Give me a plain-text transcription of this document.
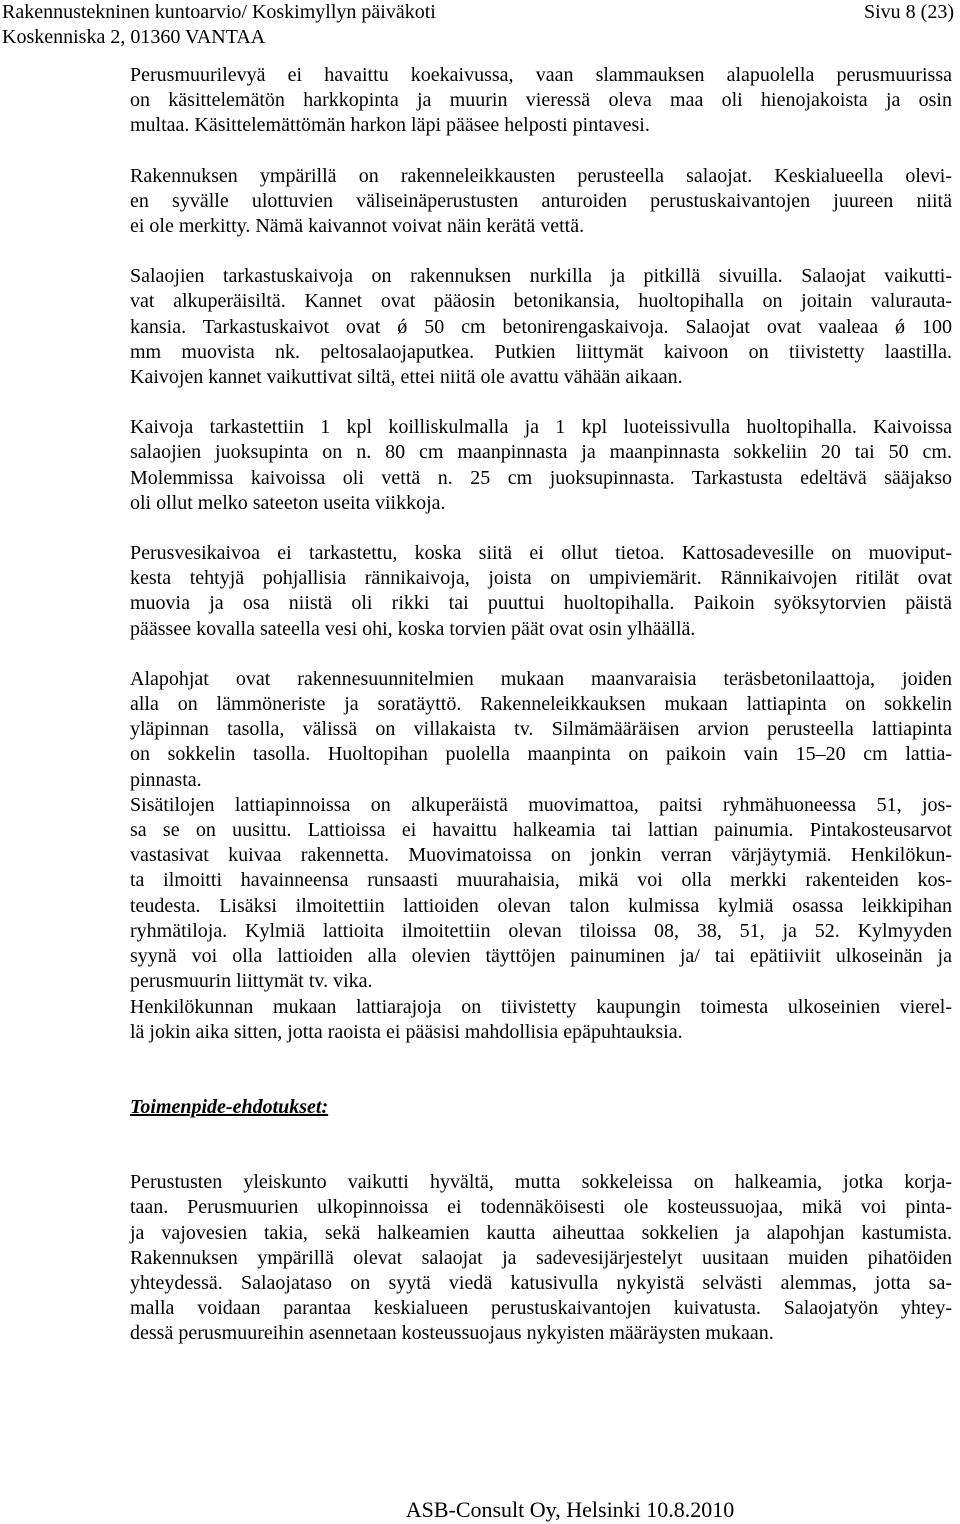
Rakennustekninen kuntoarvio/ Koskimyllyn päiväkoti
Koskenniska 2, 01360 VANTAA
Sivu 8 (23)
Perusmuurilevyä ei havaittu koekaivussa, vaan slammauksen alapuolella perusmuurissa
on käsittelemätön harkkopinta ja muurin vieressä oleva maa oli hienojakoista ja osin
multaa. Käsittelemättömän harkon läpi pääsee helposti pintavesi.
Rakennuksen ympärillä on rakenneleikkausten perusteella salaojat. Keskialueella olevi-
en syvälle ulottuvien väliseinäperustusten anturoiden perustuskaivantojen juureen niitä
ei ole merkitty. Nämä kaivannot voivat näin kerätä vettä.
Salaojien tarkastuskaivoja on rakennuksen nurkilla ja pitkillä sivuilla. Salaojat vaikutti-
vat alkuperäisiltä. Kannet ovat pääosin betonikansia, huoltopihalla on joitain valurauta-
kansia. Tarkastuskaivot ovat ǿ 50 cm betonirengaskaivoja. Salaojat ovat vaaleaa ǿ 100
mm muovista nk. peltosalaojaputkea. Putkien liittymät kaivoon on tiivistetty laastilla.
Kaivojen kannet vaikuttivat siltä, ettei niitä ole avattu vähään aikaan.
Kaivoja tarkastettiin 1 kpl koilliskulmalla ja 1 kpl luoteissivulla huoltopihalla. Kaivoissa
salaojien juoksupinta on n. 80 cm maanpinnasta ja maanpinnasta sokkeliin 20 tai 50 cm.
Molemmissa kaivoissa oli vettä n. 25 cm juoksupinnasta. Tarkastusta edeltävä sääjakso
oli ollut melko sateeton useita viikkoja.
Perusvesikaivoa ei tarkastettu, koska siitä ei ollut tietoa. Kattosadevesille on muoviput-
kesta tehtyjä pohjallisia rännikaivoja, joista on umpiviemärit. Rännikaivojen ritilät ovat
muovia ja osa niistä oli rikki tai puuttui huoltopihalla. Paikoin syöksytorvien päistä
päässee kovalla sateella vesi ohi, koska torvien päät ovat osin ylhäällä.
Alapohjat ovat rakennesuunnitelmien mukaan maanvaraisia teräsbetonilaattoja, joiden
alla on lämmöneriste ja soratäyttö. Rakenneleikkauksen mukaan lattiapinta on sokkelin
yläpinnan tasolla, välissä on villakaista tv. Silmämääräisen arvion perusteella lattiapinta
on sokkelin tasolla. Huoltopihan puolella maanpinta on paikoin vain 15–20 cm lattia-
pinnasta.
Sisätilojen lattiapinnoissa on alkuperäistä muovimattoa, paitsi ryhmähuoneessa 51, jos-
sa se on uusittu. Lattioissa ei havaittu halkeamia tai lattian painumia. Pintakosteusarvot
vastasivat kuivaa rakennetta. Muovimatoissa on jonkin verran värjäytymiä. Henkilökun-
ta ilmoitti havainneensa runsaasti muurahaisia, mikä voi olla merkki rakenteiden kos-
teudesta. Lisäksi ilmoitettiin lattioiden olevan talon kulmissa kylmiä osassa leikkipihan
ryhmätiloja. Kylmiä lattioita ilmoitettiin olevan tiloissa 08, 38, 51, ja 52. Kylmyyden
syynä voi olla lattioiden alla olevien täyttöjen painuminen ja/ tai epätiiviit ulkoseinän ja
perusmuurin liittymät tv. vika.
Henkilökunnan mukaan lattiarajoja on tiivistetty kaupungin toimesta ulkoseinien vierel-
lä jokin aika sitten, jotta raoista ei pääsisi mahdollisia epäpuhtauksia.

Toimenpide-ehdotukset:

Perustusten yleiskunto vaikutti hyvältä, mutta sokkeleissa on halkeamia, jotka korja-
taan. Perusmuurien ulkopinnoissa ei todennäköisesti ole kosteussuojaa, mikä voi pinta-
ja vajovesien takia, sekä halkeamien kautta aiheuttaa sokkelien ja alapohjan kastumista.
Rakennuksen ympärillä olevat salaojat ja sadevesijärjestelyt uusitaan muiden pihatöiden
yhteydessä. Salaojataso on syytä viedä katusivulla nykyistä selvästi alemmas, jotta sa-
malla voidaan parantaa keskialueen perustuskaivantojen kuivatusta. Salaojatyön yhtey-
dessä perusmuureihin asennetaan kosteussuojaus nykyisten määräysten mukaan.
ASB-Consult Oy, Helsinki 10.8.2010
